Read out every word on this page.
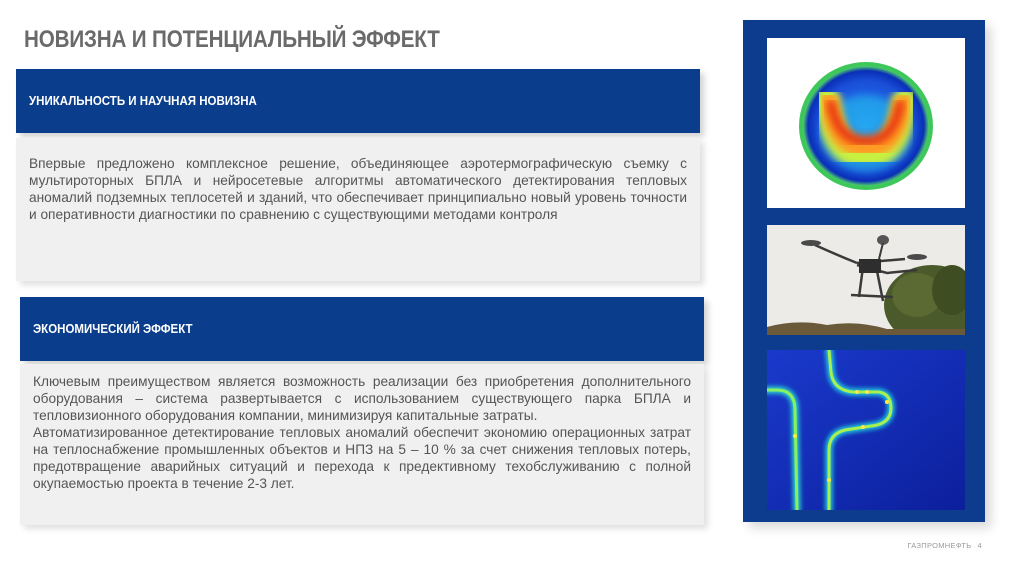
НОВИЗНА И ПОТЕНЦИАЛЬНЫЙ ЭФФЕКТ
УНИКАЛЬНОСТЬ И НАУЧНАЯ НОВИЗНА

Впервые предложено комплексное решение, объединяющее аэротермографическую съемку с мультироторных БПЛА и нейросетевые алгоритмы автоматического детектирования тепловых аномалий подземных теплосетей и зданий, что обеспечивает принципиально новый уровень точности и оперативности диагностики по сравнению с существующими методами контроля

ЭКОНОМИЧЕСКИЙ ЭФФЕКТ

Ключевым преимуществом является возможность реализации без приобретения дополнительного оборудования – система развертывается с использованием существующего парка БПЛА и тепловизионного оборудования компании, минимизируя капитальные затраты.

Автоматизированное детектирование тепловых аномалий обеспечит экономию операционных затрат на теплоснабжение промышленных объектов и НПЗ на 5 – 10 % за счет снижения тепловых потерь, предотвращение аварийных ситуаций и перехода к предективному техобслуживанию с полной окупаемостью проекта в течение 2-3 лет.

ГАЗПРОМНЕФТЬ 4
